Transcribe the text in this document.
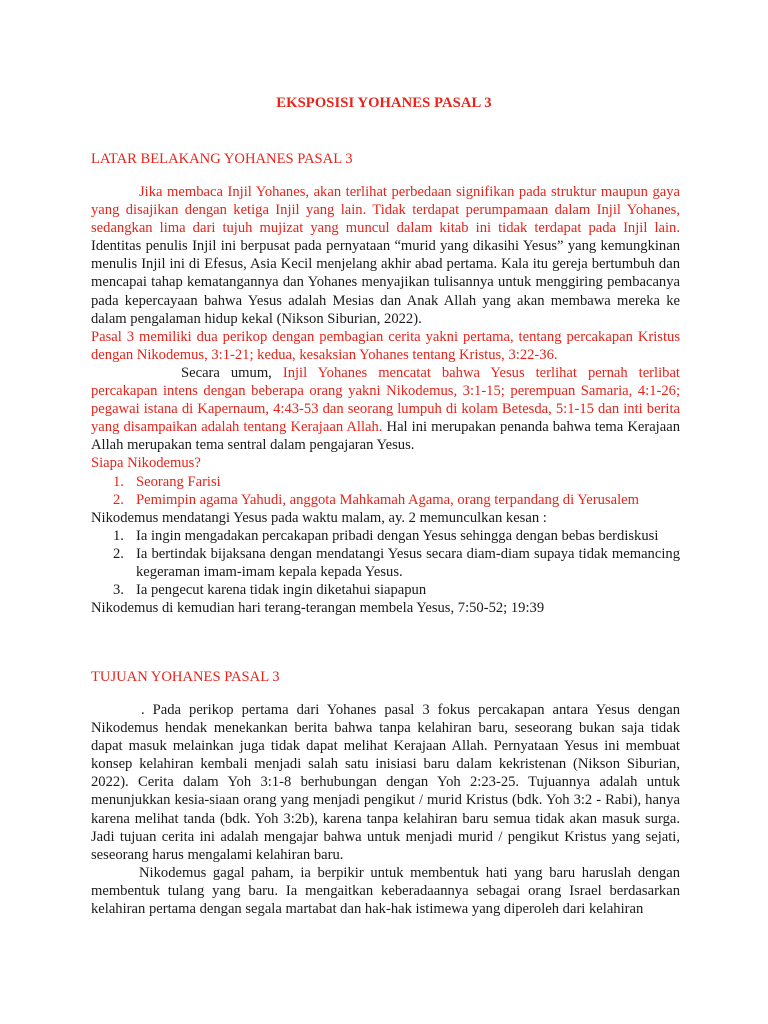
EKSPOSISI YOHANES PASAL 3
LATAR BELAKANG YOHANES PASAL 3

Jika membaca Injil Yohanes, akan terlihat perbedaan signifikan pada struktur maupun gaya yang disajikan dengan ketiga Injil yang lain. Tidak terdapat perumpamaan dalam Injil Yohanes, sedangkan lima dari tujuh mujizat yang muncul dalam kitab ini tidak terdapat pada Injil lain. Identitas penulis Injil ini berpusat pada pernyataan “murid yang dikasihi Yesus” yang kemungkinan menulis Injil ini di Efesus, Asia Kecil menjelang akhir abad pertama. Kala itu gereja bertumbuh dan mencapai tahap kematangannya dan Yohanes menyajikan tulisannya untuk menggiring pembacanya pada kepercayaan bahwa Yesus adalah Mesias dan Anak Allah yang akan membawa mereka ke dalam pengalaman hidup kekal (Nikson Siburian, 2022).

Pasal 3 memiliki dua perikop dengan pembagian cerita yakni pertama, tentang percakapan Kristus dengan Nikodemus, 3:1-21; kedua, kesaksian Yohanes tentang Kristus, 3:22-36.

Secara umum, Injil Yohanes mencatat bahwa Yesus terlihat pernah terlibat percakapan intens dengan beberapa orang yakni Nikodemus, 3:1-15; perempuan Samaria, 4:1-26; pegawai istana di Kapernaum, 4:43-53 dan seorang lumpuh di kolam Betesda, 5:1-15 dan inti berita yang disampaikan adalah tentang Kerajaan Allah. Hal ini merupakan penanda bahwa tema Kerajaan Allah merupakan tema sentral dalam pengajaran Yesus.

Siapa Nikodemus?

1. Seorang Farisi
2. Pemimpin agama Yahudi, anggota Mahkamah Agama, orang terpandang di Yerusalem

Nikodemus mendatangi Yesus pada waktu malam, ay. 2 memunculkan kesan :

1. Ia ingin mengadakan percakapan pribadi dengan Yesus sehingga dengan bebas berdiskusi
2. Ia bertindak bijaksana dengan mendatangi Yesus secara diam-diam supaya tidak memancing kegeraman imam-imam kepala kepada Yesus.
3. Ia pengecut karena tidak ingin diketahui siapapun

Nikodemus di kemudian hari terang-terangan membela Yesus, 7:50-52; 19:39

TUJUAN YOHANES PASAL 3

. Pada perikop pertama dari Yohanes pasal 3 fokus percakapan antara Yesus dengan Nikodemus hendak menekankan berita bahwa tanpa kelahiran baru, seseorang bukan saja tidak dapat masuk melainkan juga tidak dapat melihat Kerajaan Allah. Pernyataan Yesus ini membuat konsep kelahiran kembali menjadi salah satu inisiasi baru dalam kekristenan (Nikson Siburian, 2022). Cerita dalam Yoh 3:1-8 berhubungan dengan Yoh 2:23-25. Tujuannya adalah untuk menunjukkan kesia-siaan orang yang menjadi pengikut / murid Kristus (bdk. Yoh 3:2 - Rabi), hanya karena melihat tanda (bdk. Yoh 3:2b), karena tanpa kelahiran baru semua tidak akan masuk surga. Jadi tujuan cerita ini adalah mengajar bahwa untuk menjadi murid / pengikut Kristus yang sejati, seseorang harus mengalami kelahiran baru.

Nikodemus gagal paham, ia berpikir untuk membentuk hati yang baru haruslah dengan membentuk tulang yang baru. Ia mengaitkan keberadaannya sebagai orang Israel berdasarkan kelahiran pertama dengan segala martabat dan hak-hak istimewa yang diperoleh dari kelahiran
